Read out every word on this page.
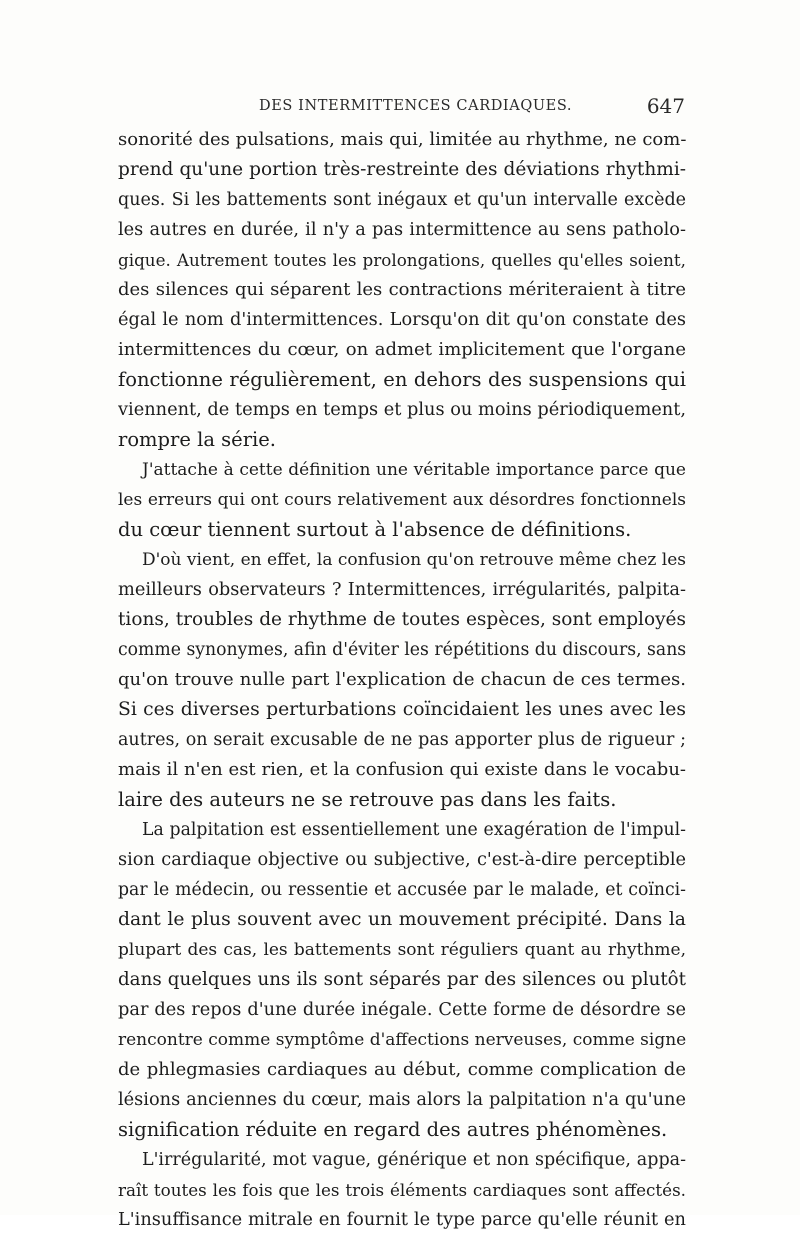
DES INTERMITTENCES CARDIAQUES.	647
sonorité des pulsations, mais qui, limitée au rhythme, ne com-
prend qu'une portion très-restreinte des déviations rhythmi-
ques. Si les battements sont inégaux et qu'un intervalle excède
les autres en durée, il n'y a pas intermittence au sens patholo-
gique. Autrement toutes les prolongations, quelles qu'elles soient,
des silences qui séparent les contractions mériteraient à titre
égal le nom d'intermittences. Lorsqu'on dit qu'on constate des
intermittences du cœur, on admet implicitement que l'organe
fonctionne régulièrement, en dehors des suspensions qui
viennent, de temps en temps et plus ou moins périodiquement,
rompre la série.
J'attache à cette définition une véritable importance parce que
les erreurs qui ont cours relativement aux désordres fonctionnels
du cœur tiennent surtout à l'absence de définitions.
D'où vient, en effet, la confusion qu'on retrouve même chez les
meilleurs observateurs ? Intermittences, irrégularités, palpita-
tions, troubles de rhythme de toutes espèces, sont employés
comme synonymes, afin d'éviter les répétitions du discours, sans
qu'on trouve nulle part l'explication de chacun de ces termes.
Si ces diverses perturbations coïncidaient les unes avec les
autres, on serait excusable de ne pas apporter plus de rigueur ;
mais il n'en est rien, et la confusion qui existe dans le vocabu-
laire des auteurs ne se retrouve pas dans les faits.
La palpitation est essentiellement une exagération de l'impul-
sion cardiaque objective ou subjective, c'est-à-dire perceptible
par le médecin, ou ressentie et accusée par le malade, et coïnci-
dant le plus souvent avec un mouvement précipité. Dans la
plupart des cas, les battements sont réguliers quant au rhythme,
dans quelques uns ils sont séparés par des silences ou plutôt
par des repos d'une durée inégale. Cette forme de désordre se
rencontre comme symptôme d'affections nerveuses, comme signe
de phlegmasies cardiaques au début, comme complication de
lésions anciennes du cœur, mais alors la palpitation n'a qu'une
signification réduite en regard des autres phénomènes.
L'irrégularité, mot vague, générique et non spécifique, appa-
raît toutes les fois que les trois éléments cardiaques sont affectés.
L'insuffisance mitrale en fournit le type parce qu'elle réunit en
